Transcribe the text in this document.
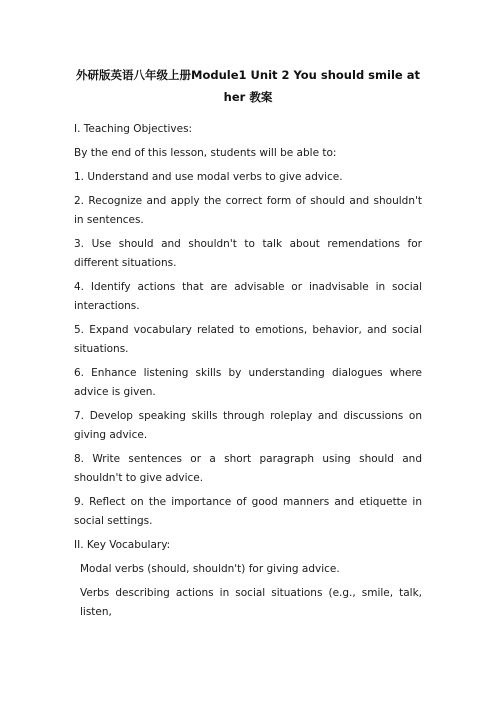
外研版英语八年级上册Module1 Unit 2 You should smile at
her 教案

I. Teaching Objectives:

By the end of this lesson, students will be able to:

1. Understand and use modal verbs to give advice.

2. Recognize and apply the correct form of should and shouldn't in sentences.

3. Use should and shouldn't to talk about remendations for different situations.

4. Identify actions that are advisable or inadvisable in social interactions.

5. Expand vocabulary related to emotions, behavior, and social situations.

6. Enhance listening skills by understanding dialogues where advice is given.

7. Develop speaking skills through roleplay and discussions on giving advice.

8. Write sentences or a short paragraph using should and shouldn't to give advice.

9. Reflect on the importance of good manners and etiquette in social settings.

II. Key Vocabulary:

Modal verbs (should, shouldn't) for giving advice.

Verbs describing actions in social situations (e.g., smile, talk, listen,
